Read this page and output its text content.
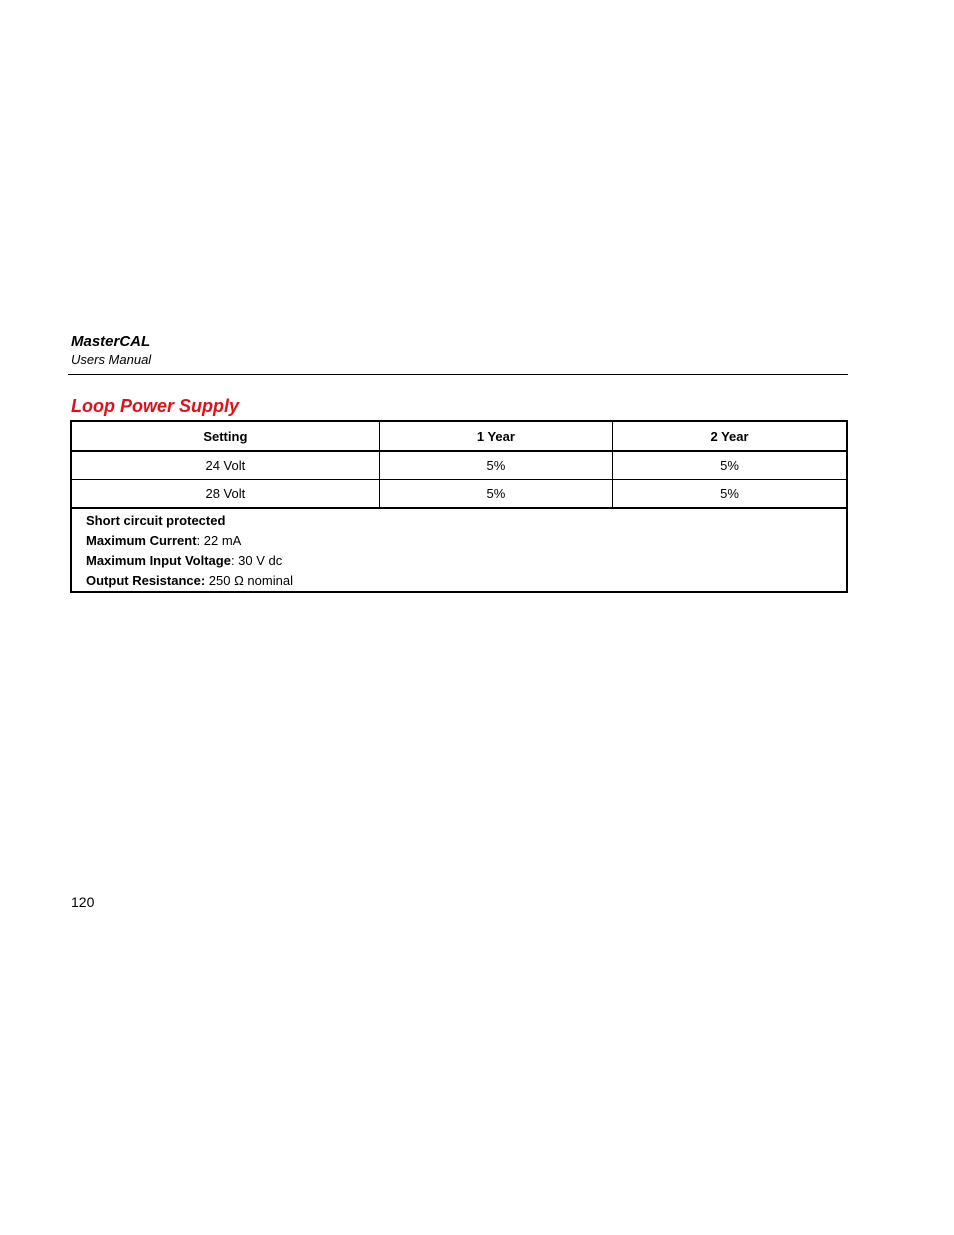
MasterCAL
Users Manual
Loop Power Supply
Setting	1 Year	2 Year
24 Volt	5%	5%
28 Volt	5%	5%

Short circuit protected
Maximum Current: 22 mA
Maximum Input Voltage: 30 V dc
Output Resistance: 250 Ω nominal		
120
